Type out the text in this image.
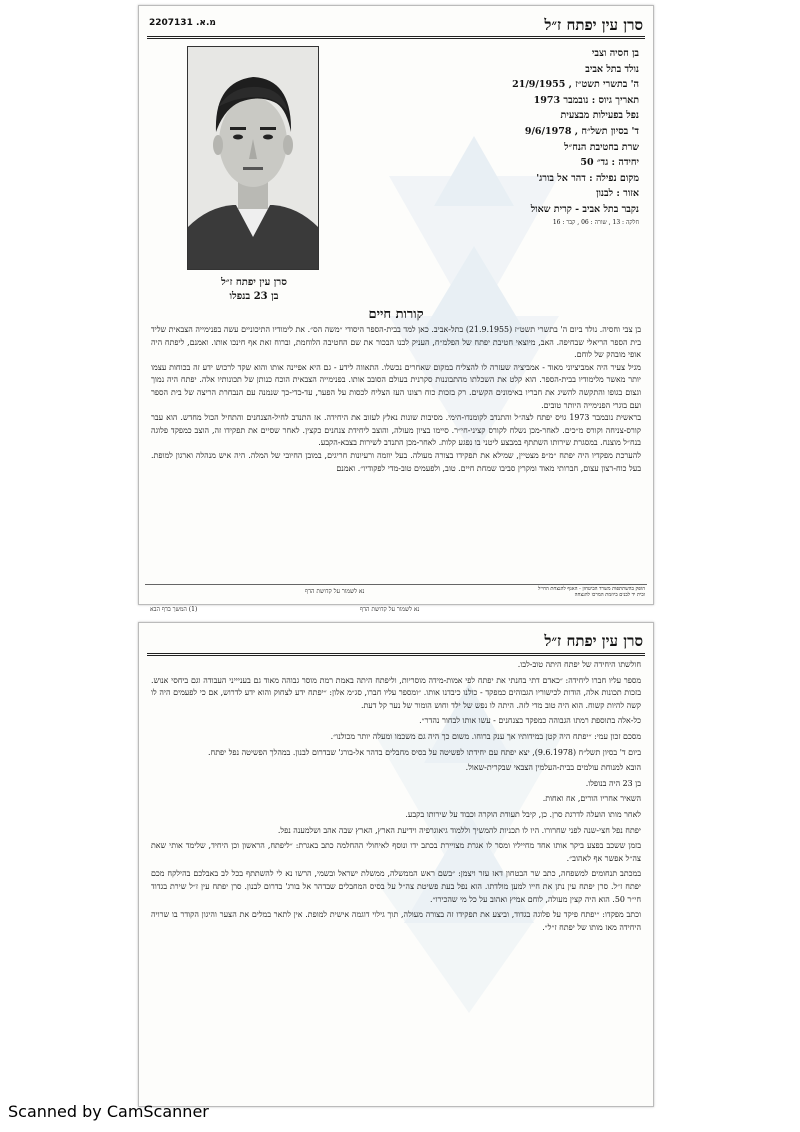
סרן עין יפתח ז״ל
מ.א. 2207131
סרן עין יפתח ז״ל
בן 23 בנפלו
בן חסיה וצבי
נולד בתל אביב
ה' בתשרי תשט״ז , 21/9/1955
תאריך גיוס : נובמבר 1973
נפל בפעילות מבצעית
ד' בסיון תשל״ח , 9/6/1978
שרת בחטיבת הנח״ל
יחידה : גד״ 50
מקום נפילה : דהר אל בורג'
אזור : לבנון
נקבר בתל אביב - קרית שאול
חלקה : 13 , שורה : 06 , קבר : 16
קורות חיים

בן צבי וחסיה. נולד ביום ה' בתשרי תשט״ז (21.9.1955) בתל-אביב. כאן למד בבית-הספר היסודי ״משה הס״. את לימודיו התיכוניים עשה בפנימייה הצבאית שליד בית הספר הריאלי שבחיפה. האב, מיוצאי חטיבת יפתח של הפלמ״ח, העניק לבנו הבכור את שם החטיבה הלוחמת, וברוח זאת אף חינכו אותו. ואמנם, ליפתח היה אופי מובהק של לוחם.

מגיל צעיר היה אמביציוני מאוד - אמביציה שעזרה לו להצליח במקום שאחרים נכשלו. התאווה לידע - גם היא אפיינה אותו והוא שקד לרכוש ידע זה בכוחות עצמו יותר מאשר מלימודיו בבית-הספר. הוא קלט את השכלתו מהתבוננות סקרנית בעולם הסובב אותו. בפנימייה הצבאית הוכח כנותן של תכונותיו אלה. יפתח היה נמוך וגצום בגופו והתקשה להשיג את חבריו באימונים הקשים. רק בזכות כוח רצונו העז הצליח לכסות על הפער, עד-כדי-כך שנמנה עם הנבחרת הריצה של בית הספר ועם בוגרי הפנימייה היותר טובים.

בראשית נובמבר 1973 גויס יפתח לצה״ל והתנדב לקומנדו-הימי. מסיבות שונות נאלץ לעזוב את היחידה. אז התנדב לחיל-הצנחנים והתחיל הכול מחדש. הוא עבר קורס-צניחה וקורס מ״כים. לאחר-מכן נשלח לקורס קציני-חי״ר. סיימו בציון מעולה, והוצב ליחידת צנחנים כקצין. לאחר שסיים את תפקידו זה, הוצב כמפקד פלוגה בנח״ל מוצנח. במסגרת שירותו השתתף במבצע ליטני בו נפגע קלות. לאחר-מכן התנדב לשירות בצבא-הקבע.

להערכת מפקדיו היה יפתח ״מ״פ מצטיין, שמילא את תפקידו בצורה מעולה. בעל יוזמה ורעיונות חריגים, במובן החיובי של המלה. היה איש מנהלה וארגון למופת. בעל כוח-רצון עצום, חברותי מאוד ומקרין סביבו שמחת חיים. טוב, ולפעמים טוב-מדי לפקודיו״. ואמנם

הופק בהשתתפות משרד הביטחון - האגף להנצחת החייל ובית יד לבנים ביוזמת המרכז להנצחה
נא לשמור על קדושת הדף
(1) המשך בדף הבא	נא לשמור על קדושת הדף
סרן עין יפתח ז״ל

חולשתו היחידה של יפתח היתה טוב-לבו.

מספר עליו חברו ליחידה: ״כאדם דתי בחנתי את יפתח לפי אמות-מידה מוסריות, וליפתח היתה באמת רמת מוסר גבוהה מאוד גם בעניייני העבודה וגם ביחסי אנוש. בזכות תכונות אלה, הודות לכישוריו הגבוהים כמפקד - כולנו כיבדנו אותו. ״ומספר עליו חברו, סג״מ אלון: ״יפתח ידע לצחוק והוא ידע לדרוש, אם כי לפעמים היה לו קשה להיות קשוח. הוא היה טוב מדי לזה. היתה לו נפש של ילד וחוש הומור של נער קל דעת.

כל-אלה בתוספת רמתו הגבוהה כמפקד בצנחנים - עשו אותו לבחור נהדר״.

מסכם זכון עמי: ״יפתח היה קטן במידותיו אך ענק ברוחו. משום כך היה גם משכמו ומעלה יותר מכולנו״.

ביום ד' בסיון תשל״ח (9.6.1978), יצא יפתח עם יחידתו לפשיטה על בסיס מחבלים בדהר אל-בורג' שבדרום לבנון. במהלך הפשיטה נפל יפתח.

הובא למנוחת עולמים בבית-העלמין הצבאי שבקרית-שאול.

בן 23 היה בנופלו.

השאיר אחריו הורים, אח ואחות.

לאחר מותו הועלה לדרגת סרן. כן, קיבל תעודת הוקרה וכבוד על שירותו בקבע.

יפתח נפל חצי-שנה לפני שחרורו. היו לו תכניות להמשיך וללמוד גיאוגרפיה וידיעת הארץ, הארץ שבה אהב ושלמענה נפל.

בזמן ששכב בפצע ביקר אותו אחד מחייליו ומסר לו אגרת מצויירת בכתב ידו ונוסף לאיחולי ההחלמה כתב באגרת: ״ליפתח, הראשון וכן היחיד, שלימד אותי שאת צה״ל אפשר אף לאהוב״.

במכתב תנחומים למשפחה, כתב שר הבטחון דאז עזר ויצמן: ״בשם ראש הממשלה, ממשלת ישראל ובשמי, הרשו נא לי להשתתף בכל לב באבלכם בהילקח מכם יפתח ז״ל. סרן יפתח עין נתן את חייו למען מולדתו. הוא נפל בעת פשיטת צה״ל על בסיס המחבלים שבדהר אל בורג' בדרום לבנון. סרן יפתח עין ז״ל שירת בגדוד חי״ר 50. הוא היה קצין מעולה, לוחם אמיץ ואהוב על כל מי שהכירו״.

וכתב מפקדו: ״יפתח פיקד על פלוגה בגדוד, וביצע את תפקידו זה בצורה מעולה, תוך גילוי דוגמה אישית למופת. אין לתאר במלים את הצער והיגון הקודר בו שרויה היחידה מאז מותו של יפתח ז״ל״.

Scanned by CamScanner
